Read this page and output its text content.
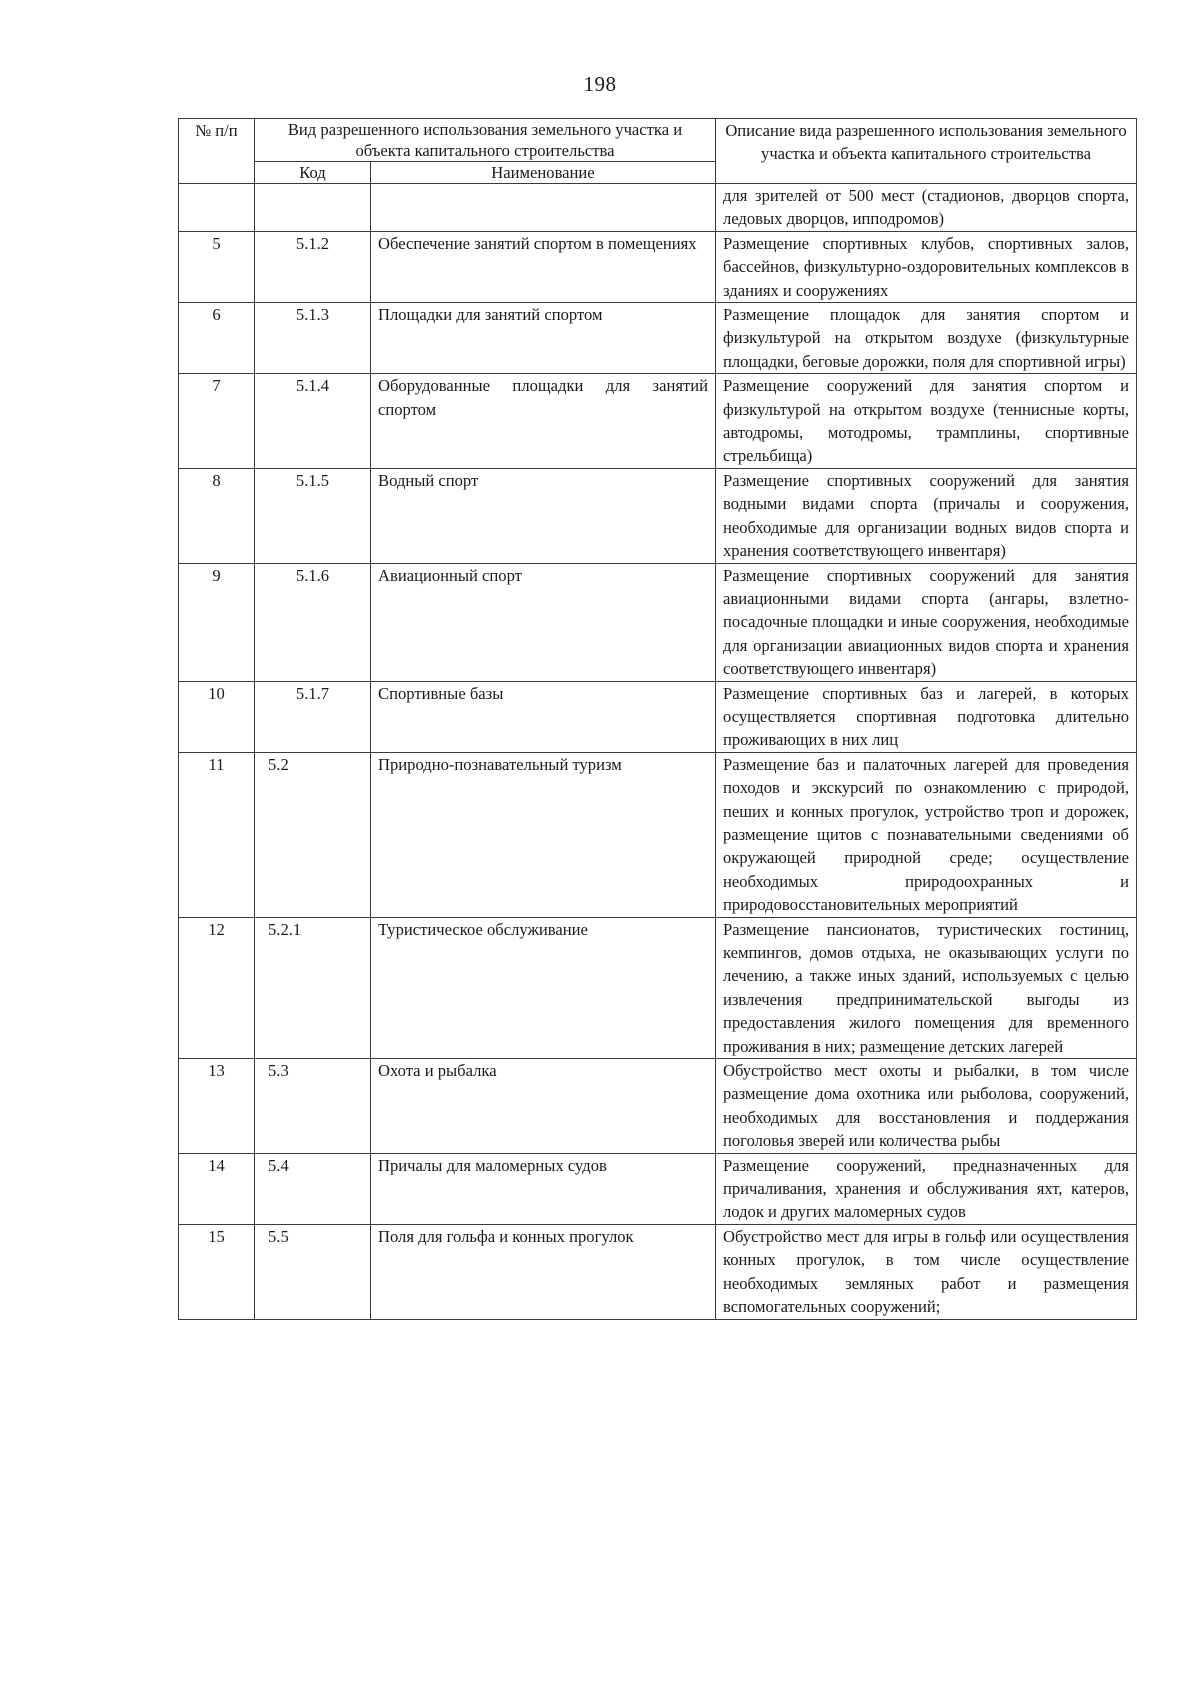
198
№ п/п	Вид разрешенного использования земельного участка и объекта капитального строительства		Описание вида разрешенного использования земельного участка и объекта капитального строительства
	Код	Наименование	
			для зрителей от 500 мест (стадионов, дворцов спорта, ледовых дворцов, ипподромов)
5	5.1.2	Обеспечение занятий спортом в помещениях	Размещение спортивных клубов, спортивных залов, бассейнов, физкультурно-оздоровительных комплексов в зданиях и сооружениях
6	5.1.3	Площадки для занятий спортом	Размещение площадок для занятия спортом и физкультурой на открытом воздухе (физкультурные площадки, беговые дорожки, поля для спортивной игры)
7	5.1.4	Оборудованные площадки для занятий спортом	Размещение сооружений для занятия спортом и физкультурой на открытом воздухе (теннисные корты, автодромы, мотодромы, трамплины, спортивные стрельбища)
8	5.1.5	Водный спорт	Размещение спортивных сооружений для занятия водными видами спорта (причалы и сооружения, необходимые для организации водных видов спорта и хранения соответствующего инвентаря)
9	5.1.6	Авиационный спорт	Размещение спортивных сооружений для занятия авиационными видами спорта (ангары, взлетно-посадочные площадки и иные сооружения, необходимые для организации авиационных видов спорта и хранения соответствующего инвентаря)
10	5.1.7	Спортивные базы	Размещение спортивных баз и лагерей, в которых осуществляется спортивная подготовка длительно проживающих в них лиц
11	5.2	Природно-познавательный туризм	Размещение баз и палаточных лагерей для проведения походов и экскурсий по ознакомлению с природой, пеших и конных прогулок, устройство троп и дорожек, размещение щитов с познавательными сведениями об окружающей природной среде; осуществление необходимых природоохранных и природовосстановительных мероприятий
12	5.2.1	Туристическое обслуживание	Размещение пансионатов, туристических гостиниц, кемпингов, домов отдыха, не оказывающих услуги по лечению, а также иных зданий, используемых с целью извлечения предпринимательской выгоды из предоставления жилого помещения для временного проживания в них; размещение детских лагерей
13	5.3	Охота и рыбалка	Обустройство мест охоты и рыбалки, в том числе размещение дома охотника или рыболова, сооружений, необходимых для восстановления и поддержания поголовья зверей или количества рыбы
14	5.4	Причалы для маломерных судов	Размещение сооружений, предназначенных для причаливания, хранения и обслуживания яхт, катеров, лодок и других маломерных судов
15	5.5	Поля для гольфа и конных прогулок	Обустройство мест для игры в гольф или осуществления конных прогулок, в том числе осуществление необходимых земляных работ и размещения вспомогательных сооружений;
